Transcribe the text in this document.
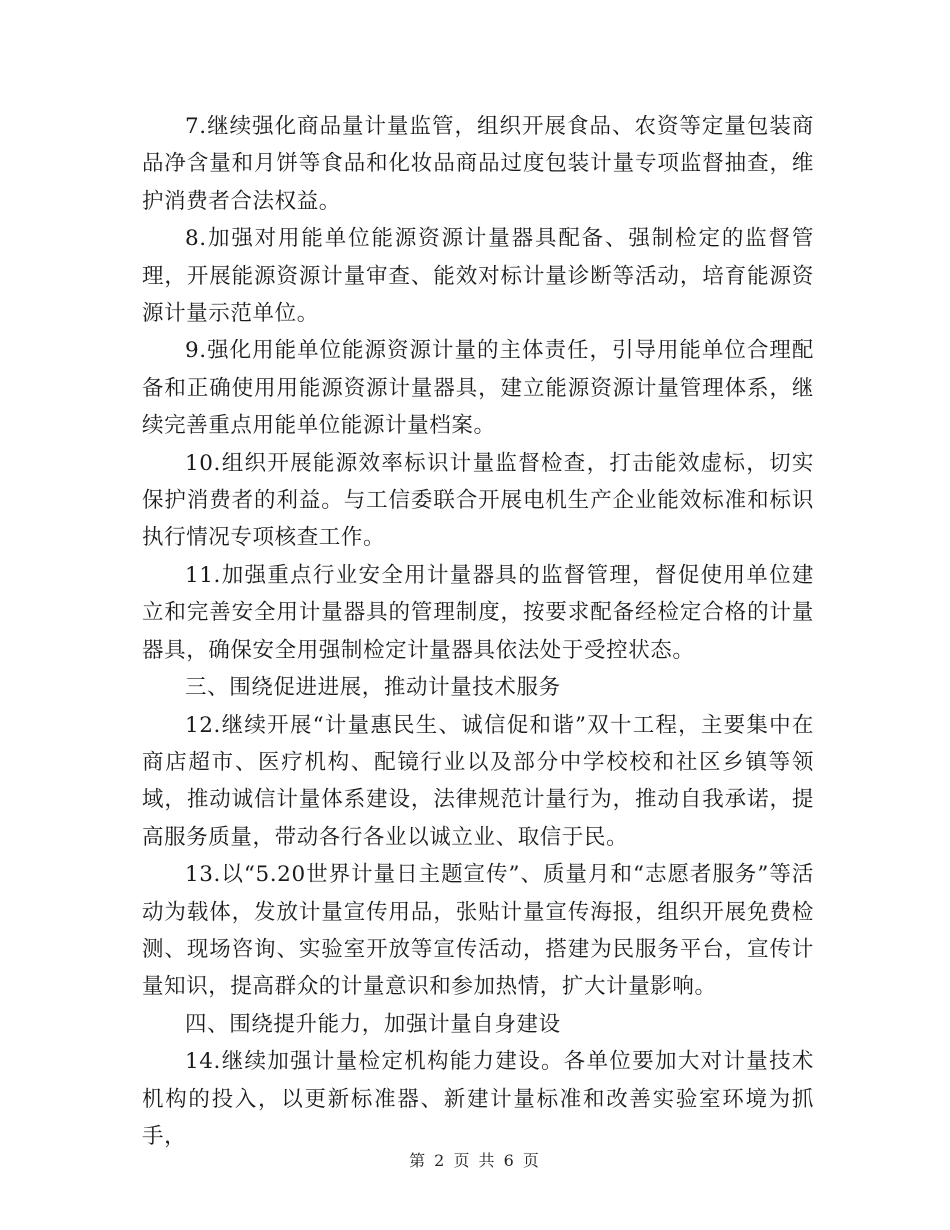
7.继续强化商品量计量监管，组织开展食品、农资等定量包装商品净含量和月饼等食品和化妆品商品过度包装计量专项监督抽查，维护消费者合法权益。

8.加强对用能单位能源资源计量器具配备、强制检定的监督管理，开展能源资源计量审查、能效对标计量诊断等活动，培育能源资源计量示范单位。

9.强化用能单位能源资源计量的主体责任，引导用能单位合理配备和正确使用用能源资源计量器具，建立能源资源计量管理体系，继续完善重点用能单位能源计量档案。

10.组织开展能源效率标识计量监督检查，打击能效虚标，切实保护消费者的利益。与工信委联合开展电机生产企业能效标准和标识执行情况专项核查工作。

11.加强重点行业安全用计量器具的监督管理，督促使用单位建立和完善安全用计量器具的管理制度，按要求配备经检定合格的计量器具，确保安全用强制检定计量器具依法处于受控状态。

三、围绕促进进展，推动计量技术服务

12.继续开展“计量惠民生、诚信促和谐”双十工程，主要集中在商店超市、医疗机构、配镜行业以及部分中学校校和社区乡镇等领域，推动诚信计量体系建设，法律规范计量行为，推动自我承诺，提高服务质量，带动各行各业以诚立业、取信于民。

13.以“5.20世界计量日主题宣传”、质量月和“志愿者服务”等活动为载体，发放计量宣传用品，张贴计量宣传海报，组织开展免费检测、现场咨询、实验室开放等宣传活动，搭建为民服务平台，宣传计量知识，提高群众的计量意识和参加热情，扩大计量影响。

四、围绕提升能力，加强计量自身建设

14.继续加强计量检定机构能力建设。各单位要加大对计量技术机构的投入，以更新标准器、新建计量标准和改善实验室环境为抓手，

第 2 页 共 6 页
